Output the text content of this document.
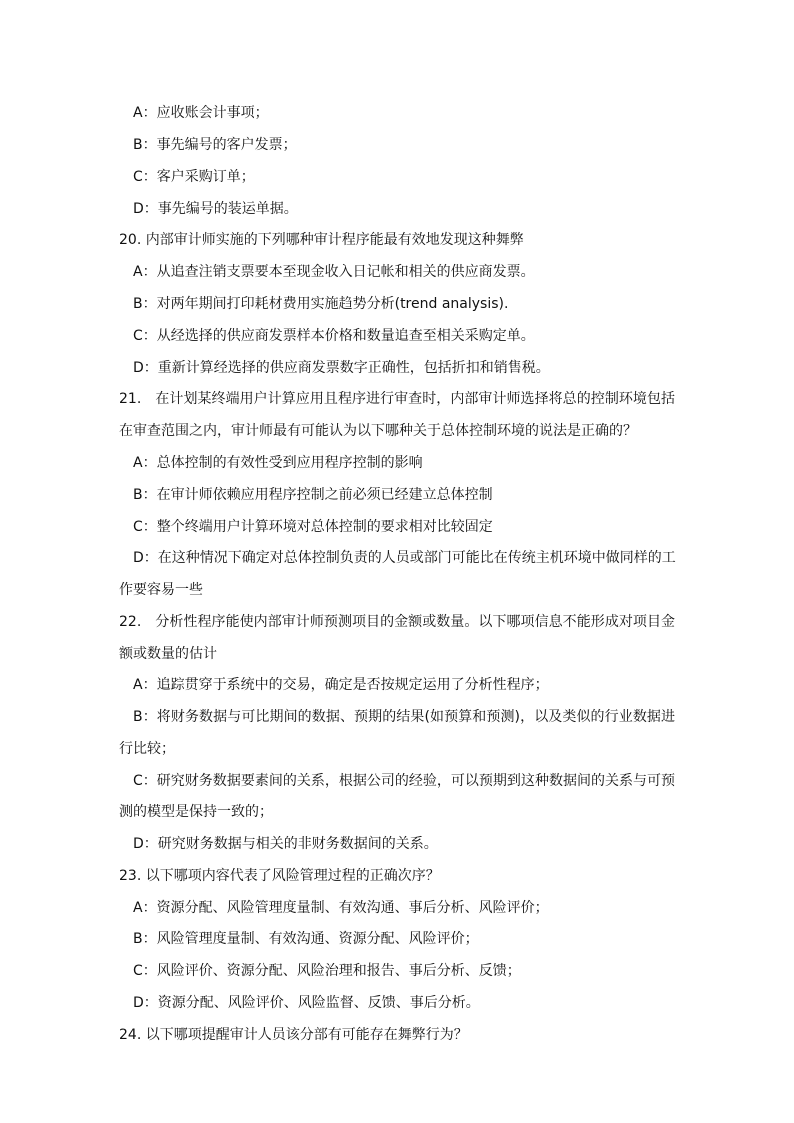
A：应收账会计事项；
B：事先编号的客户发票；
C：客户采购订单；
D：事先编号的装运单据。
20. 内部审计师实施的下列哪种审计程序能最有效地发现这种舞弊
A：从追查注销支票要本至现金收入日记帐和相关的供应商发票。
B：对两年期间打印耗材费用实施趋势分析(trend analysis).
C：从经选择的供应商发票样本价格和数量追查至相关采购定单。
D：重新计算经选择的供应商发票数字正确性，包括折扣和销售税。
21.　在计划某终端用户计算应用且程序进行审查时，内部审计师选择将总的控制环境包括
在审查范围之内，审计师最有可能认为以下哪种关于总体控制环境的说法是正确的？
A：总体控制的有效性受到应用程序控制的影响
B：在审计师依赖应用程序控制之前必须已经建立总体控制
C：整个终端用户计算环境对总体控制的要求相对比较固定
D：在这种情况下确定对总体控制负责的人员或部门可能比在传统主机环境中做同样的工
作要容易一些
22.　分析性程序能使内部审计师预测项目的金额或数量。以下哪项信息不能形成对项目金
额或数量的估计
A：追踪贯穿于系统中的交易，确定是否按规定运用了分析性程序；
B：将财务数据与可比期间的数据、预期的结果(如预算和预测)，以及类似的行业数据进
行比较；
C：研究财务数据要素间的关系，根据公司的经验，可以预期到这种数据间的关系与可预
测的模型是保持一致的；
D：研究财务数据与相关的非财务数据间的关系。
23. 以下哪项内容代表了风险管理过程的正确次序？
A：资源分配、风险管理度量制、有效沟通、事后分析、风险评价；
B：风险管理度量制、有效沟通、资源分配、风险评价；
C：风险评价、资源分配、风险治理和报告、事后分析、反馈；
D：资源分配、风险评价、风险监督、反馈、事后分析。
24. 以下哪项提醒审计人员该分部有可能存在舞弊行为？
